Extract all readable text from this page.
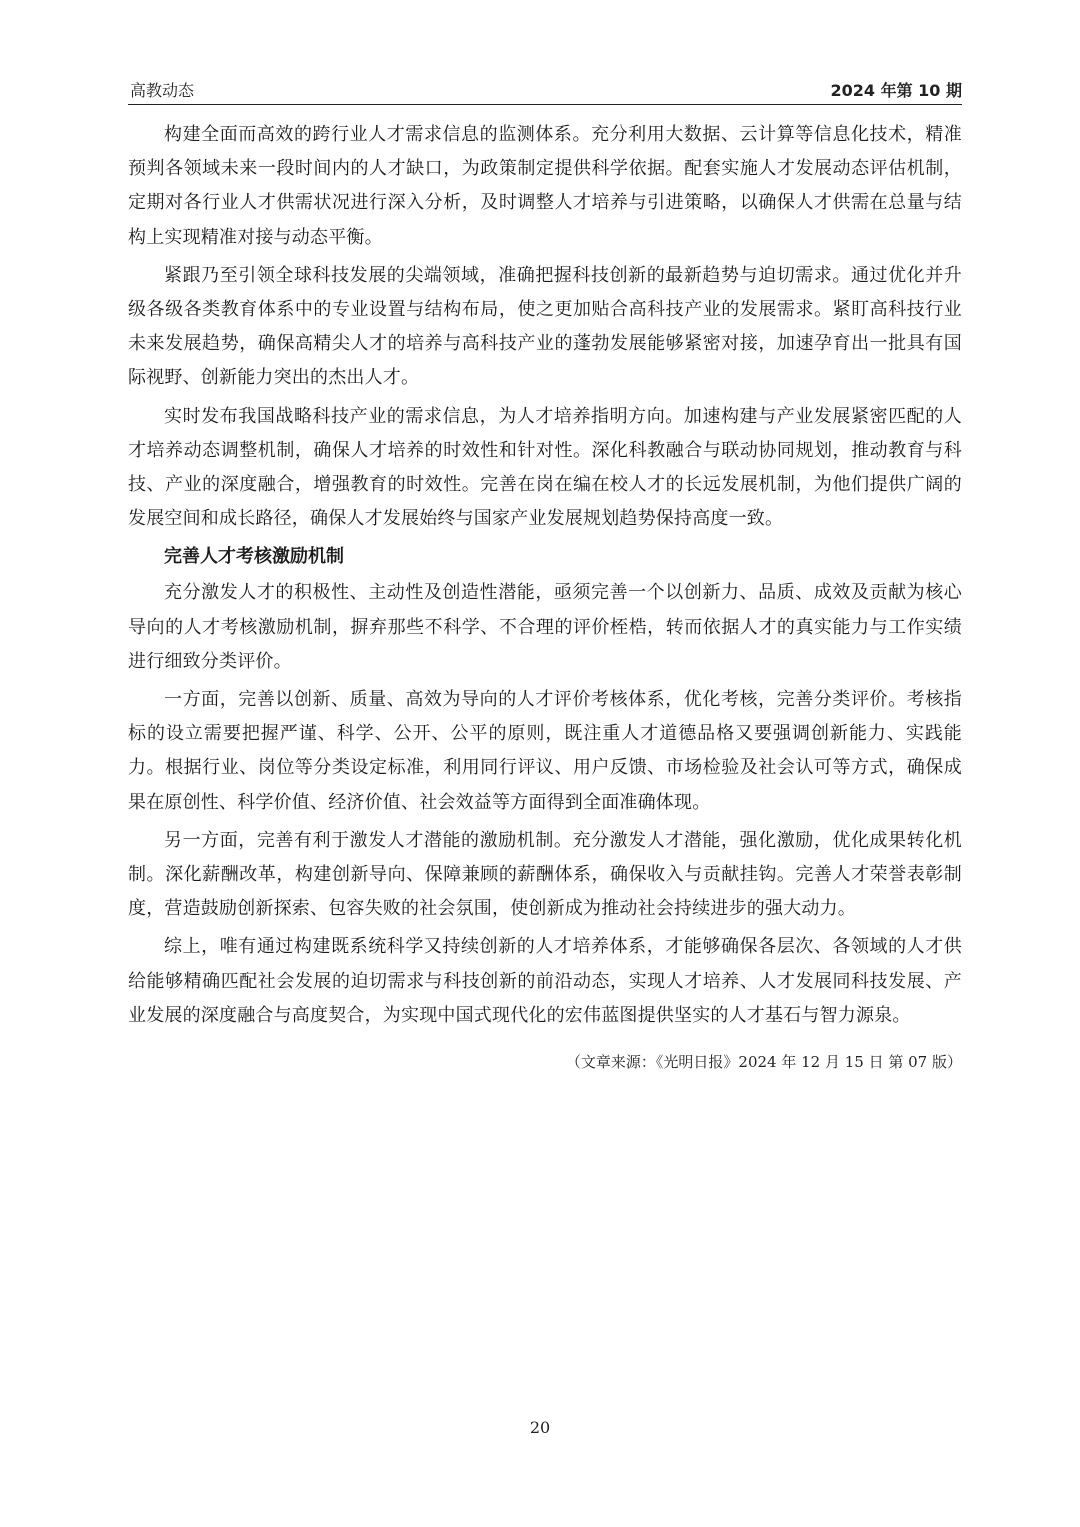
高教动态	2024 年第 10 期

构建全面而高效的跨行业人才需求信息的监测体系。充分利用大数据、云计算等信息化技术，精准预判各领域未来一段时间内的人才缺口，为政策制定提供科学依据。配套实施人才发展动态评估机制，定期对各行业人才供需状况进行深入分析，及时调整人才培养与引进策略，以确保人才供需在总量与结构上实现精准对接与动态平衡。

紧跟乃至引领全球科技发展的尖端领域，准确把握科技创新的最新趋势与迫切需求。通过优化并升级各级各类教育体系中的专业设置与结构布局，使之更加贴合高科技产业的发展需求。紧盯高科技行业未来发展趋势，确保高精尖人才的培养与高科技产业的蓬勃发展能够紧密对接，加速孕育出一批具有国际视野、创新能力突出的杰出人才。

实时发布我国战略科技产业的需求信息，为人才培养指明方向。加速构建与产业发展紧密匹配的人才培养动态调整机制，确保人才培养的时效性和针对性。深化科教融合与联动协同规划，推动教育与科技、产业的深度融合，增强教育的时效性。完善在岗在编在校人才的长远发展机制，为他们提供广阔的发展空间和成长路径，确保人才发展始终与国家产业发展规划趋势保持高度一致。

完善人才考核激励机制

充分激发人才的积极性、主动性及创造性潜能，亟须完善一个以创新力、品质、成效及贡献为核心导向的人才考核激励机制，摒弃那些不科学、不合理的评价桎梏，转而依据人才的真实能力与工作实绩进行细致分类评价。

一方面，完善以创新、质量、高效为导向的人才评价考核体系，优化考核，完善分类评价。考核指标的设立需要把握严谨、科学、公开、公平的原则，既注重人才道德品格又要强调创新能力、实践能力。根据行业、岗位等分类设定标准，利用同行评议、用户反馈、市场检验及社会认可等方式，确保成果在原创性、科学价值、经济价值、社会效益等方面得到全面准确体现。

另一方面，完善有利于激发人才潜能的激励机制。充分激发人才潜能，强化激励，优化成果转化机制。深化薪酬改革，构建创新导向、保障兼顾的薪酬体系，确保收入与贡献挂钩。完善人才荣誉表彰制度，营造鼓励创新探索、包容失败的社会氛围，使创新成为推动社会持续进步的强大动力。

综上，唯有通过构建既系统科学又持续创新的人才培养体系，才能够确保各层次、各领域的人才供给能够精确匹配社会发展的迫切需求与科技创新的前沿动态，实现人才培养、人才发展同科技发展、产业发展的深度融合与高度契合，为实现中国式现代化的宏伟蓝图提供坚实的人才基石与智力源泉。

（文章来源：《光明日报》2024 年 12 月 15 日 第 07 版）
20
